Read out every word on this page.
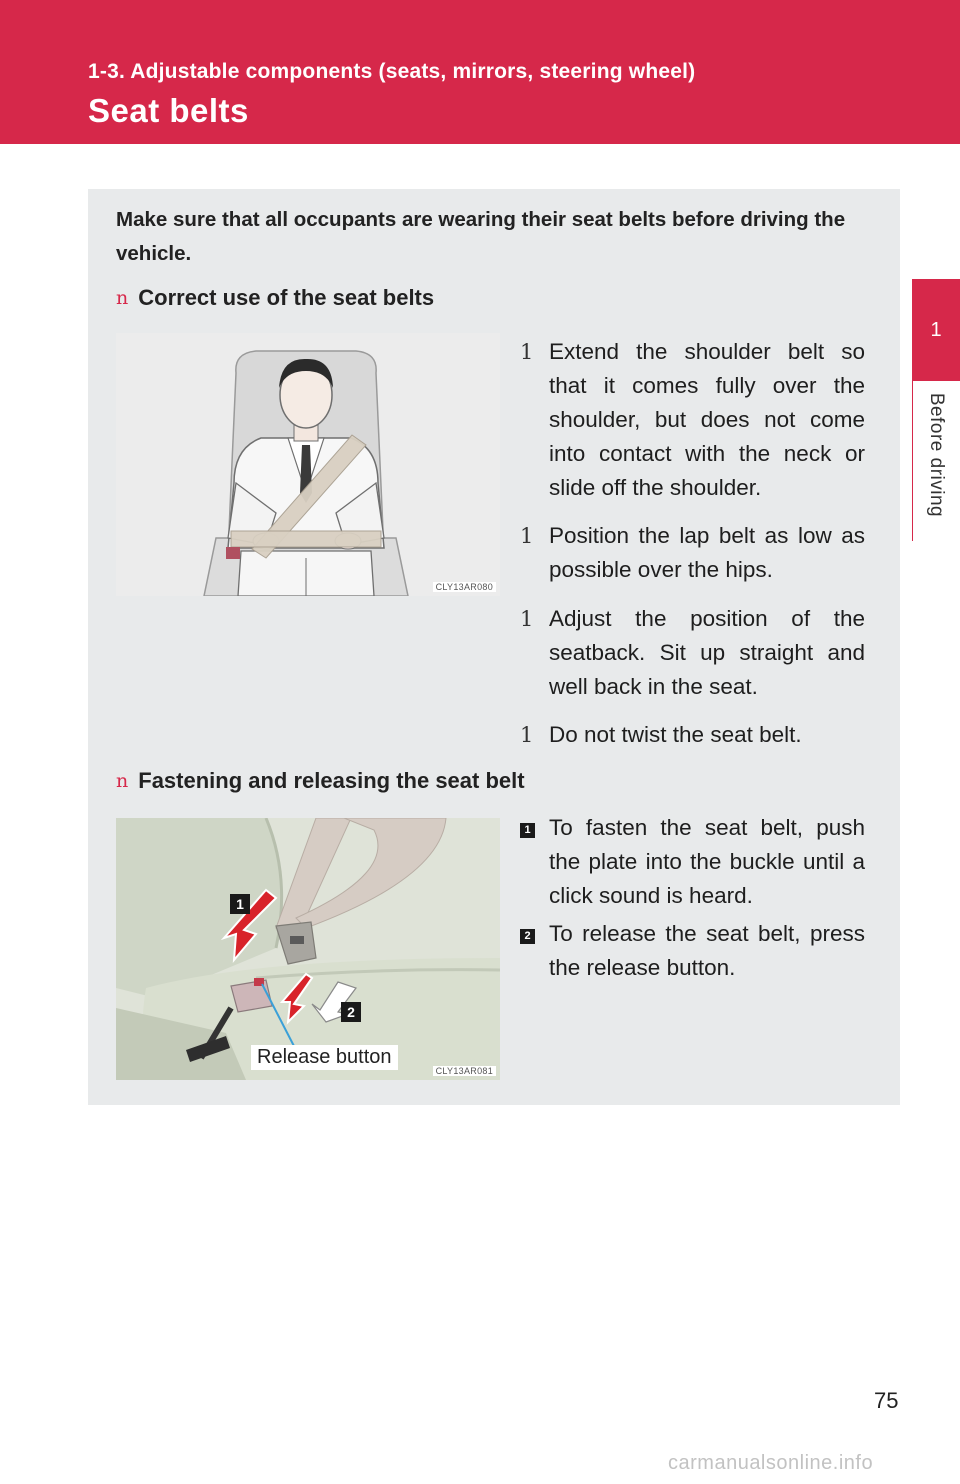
1-3. Adjustable components (seats, mirrors, steering wheel)
Seat belts
1
Before driving
Make sure that all occupants are wearing their seat belts before driving the vehicle.
n Correct use of the seat belts
CLY13AR080
1 Extend the shoulder belt so that it comes fully over the shoulder, but does not come into contact with the neck or slide off the shoulder.
1 Position the lap belt as low as possible over the hips.
1 Adjust the position of the seatback. Sit up straight and well back in the seat.
1 Do not twist the seat belt.
n Fastening and releasing the seat belt
1
2
CLY13AR081
Release button
1 To fasten the seat belt, push the plate into the buckle until a click sound is heard.
2 To release the seat belt, press the release button.
75
carmanualsonline.info
